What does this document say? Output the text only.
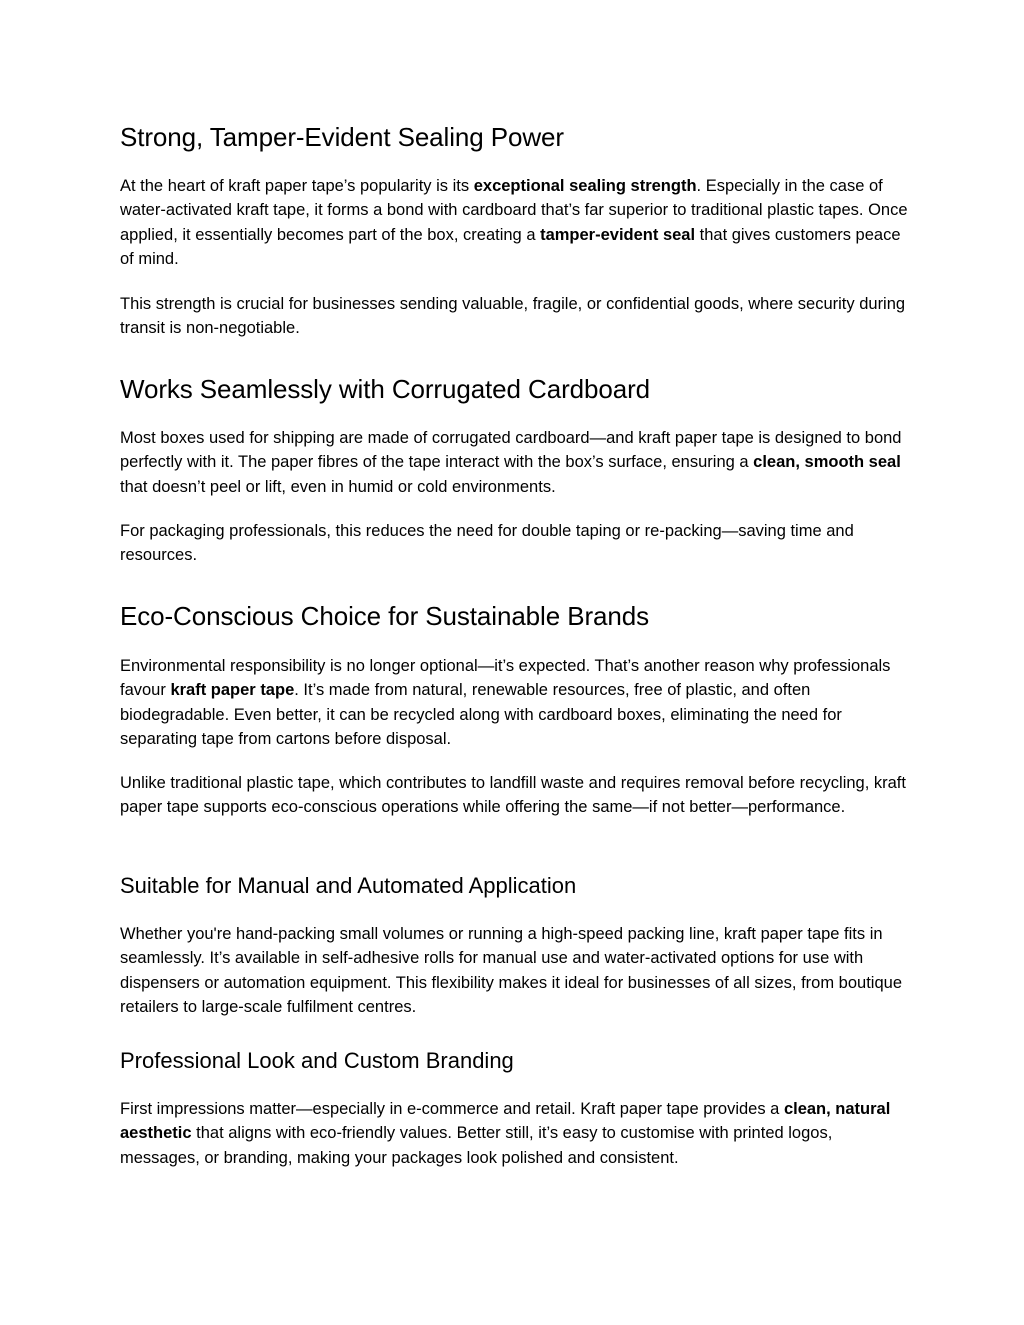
Strong, Tamper-Evident Sealing Power

At the heart of kraft paper tape’s popularity is its exceptional sealing strength. Especially in the case of water-activated kraft tape, it forms a bond with cardboard that’s far superior to traditional plastic tapes. Once applied, it essentially becomes part of the box, creating a tamper-evident seal that gives customers peace of mind.

This strength is crucial for businesses sending valuable, fragile, or confidential goods, where security during transit is non-negotiable.

Works Seamlessly with Corrugated Cardboard

Most boxes used for shipping are made of corrugated cardboard—and kraft paper tape is designed to bond perfectly with it. The paper fibres of the tape interact with the box’s surface, ensuring a clean, smooth seal that doesn’t peel or lift, even in humid or cold environments.

For packaging professionals, this reduces the need for double taping or re-packing—saving time and resources.

Eco-Conscious Choice for Sustainable Brands

Environmental responsibility is no longer optional—it’s expected. That’s another reason why professionals favour kraft paper tape. It’s made from natural, renewable resources, free of plastic, and often biodegradable. Even better, it can be recycled along with cardboard boxes, eliminating the need for separating tape from cartons before disposal.

Unlike traditional plastic tape, which contributes to landfill waste and requires removal before recycling, kraft paper tape supports eco-conscious operations while offering the same—if not better—performance.

Suitable for Manual and Automated Application

Whether you're hand-packing small volumes or running a high-speed packing line, kraft paper tape fits in seamlessly. It’s available in self-adhesive rolls for manual use and water-activated options for use with dispensers or automation equipment. This flexibility makes it ideal for businesses of all sizes, from boutique retailers to large-scale fulfilment centres.

Professional Look and Custom Branding

First impressions matter—especially in e-commerce and retail. Kraft paper tape provides a clean, natural aesthetic that aligns with eco-friendly values. Better still, it’s easy to customise with printed logos, messages, or branding, making your packages look polished and consistent.
